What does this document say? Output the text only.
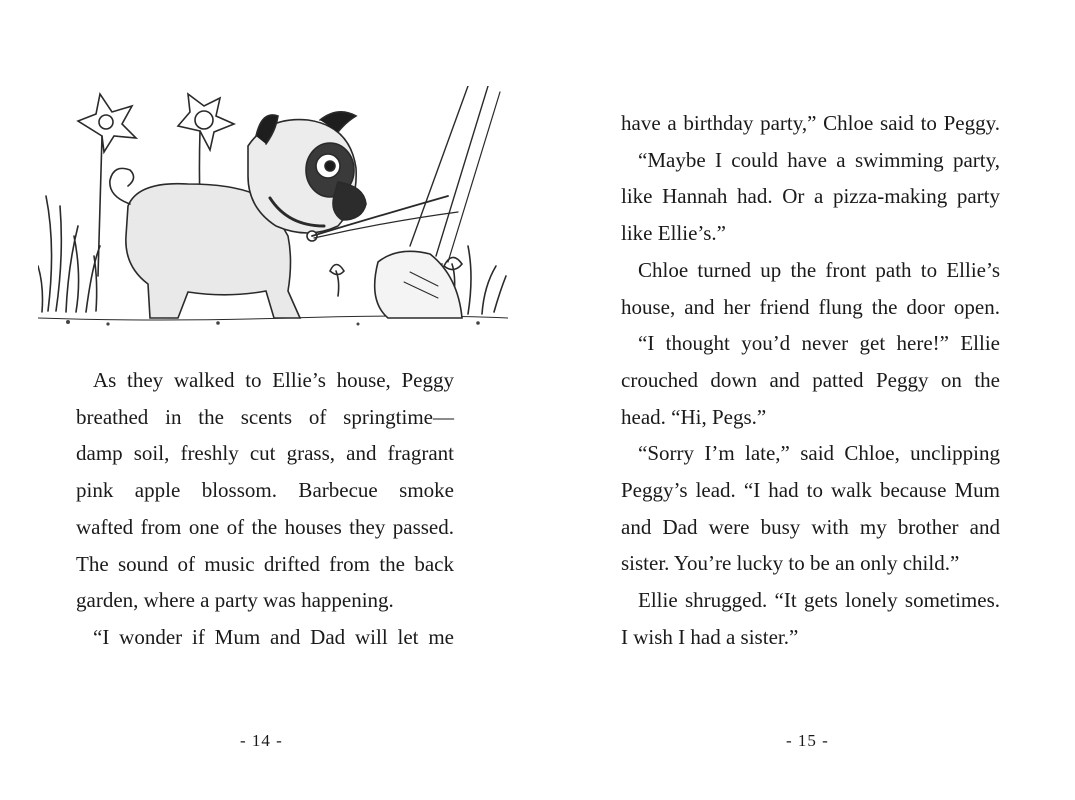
As they walked to Ellie’s house, Peggy

breathed in the scents of springtime—

damp soil, freshly cut grass, and fragrant

pink apple blossom. Barbecue smoke

wafted from one of the houses they passed.

The sound of music drifted from the back

garden, where a party was happening.

“I wonder if Mum and Dad will let me

- 14 -

have a birthday party,” Chloe said to Peggy.

“Maybe I could have a swimming party,

like Hannah had. Or a pizza-making party

like Ellie’s.”

Chloe turned up the front path to Ellie’s

house, and her friend flung the door open.

“I thought you’d never get here!” Ellie

crouched down and patted Peggy on the

head. “Hi, Pegs.”

“Sorry I’m late,” said Chloe, unclipping

Peggy’s lead. “I had to walk because Mum

and Dad were busy with my brother and

sister. You’re lucky to be an only child.”

Ellie shrugged. “It gets lonely sometimes.

I wish I had a sister.”

- 15 -
